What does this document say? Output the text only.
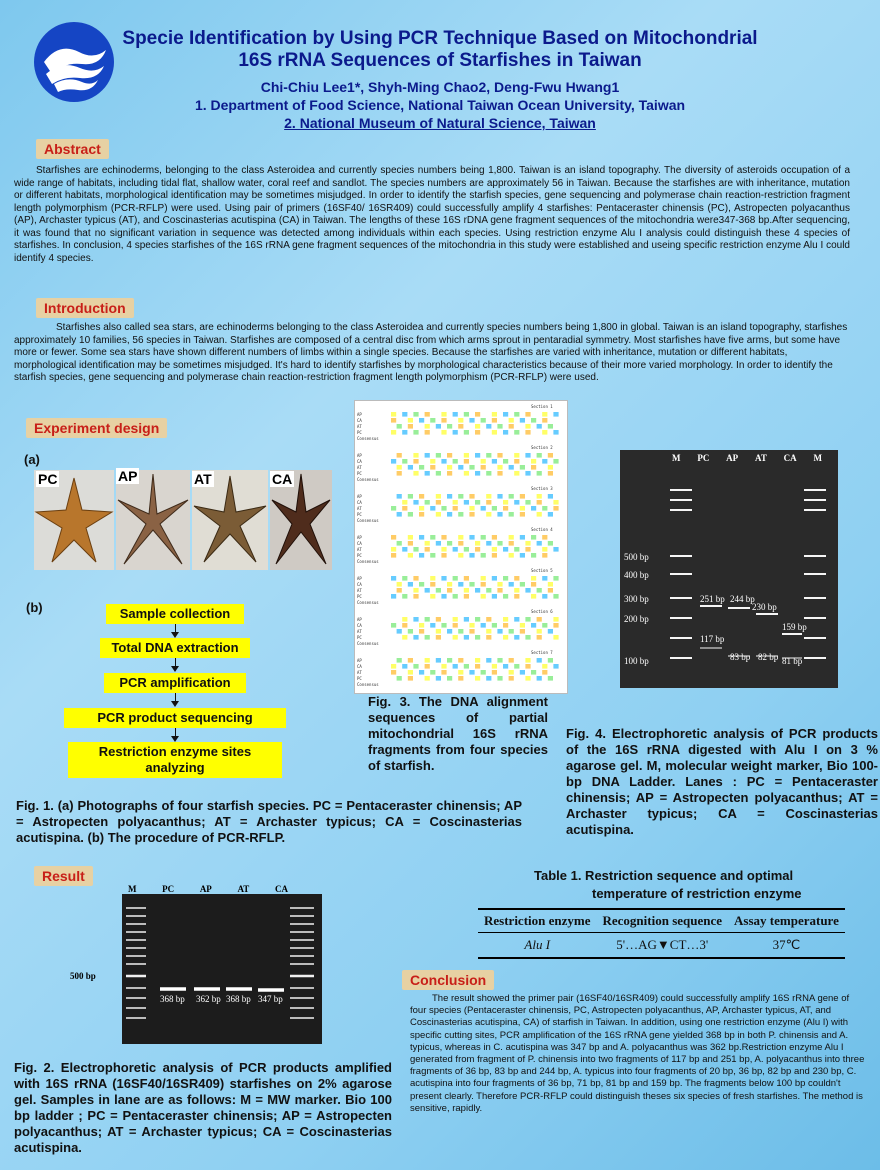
Specie Identification by Using PCR Technique Based on Mitochondrial
16S rRNA Sequences of Starfishes in Taiwan
Chi-Chiu Lee1*, Shyh-Ming Chao2, Deng-Fwu Hwang1
1. Department of Food Science, National Taiwan Ocean University, Taiwan
2. National Museum of Natural Science, Taiwan
Abstract
Starfishes are echinoderms, belonging to the class Asteroidea and currently species numbers being 1,800. Taiwan is an island topography. The diversity of asteroids occupation of a wide range of habitats, including tidal flat, shallow water, coral reef and sandlot. The species numbers are approximately 56 in Taiwan. Because the starfishes are with inheritance, mutation or different habitats, morphological identification may be sometimes misjudged. In order to identify the starfish species, gene sequencing and polymerase chain reaction-restriction fragment length polymorphism (PCR-RFLP) were used. Using pair of primers (16SF40/ 16SR409) could successfully amplify 4 starfishes: Pentaceraster chinensis (PC), Astropecten polyacanthus (AP), Archaster typicus (AT), and Coscinasterias acutispina (CA) in Taiwan. The lengths of these 16S rDNA gene fragment sequences of the mitochondria were347-368 bp.After sequencing, it was found that no significant variation in sequence was detected among individuals within each species. Using restriction enzyme Alu I analysis could distinguish these 4 species of starfishes. In conclusion, 4 species starfishes of the 16S rRNA gene fragment sequences of the mitochondria in this study were established and useing specific restriction enzyme Alu I could identify 4 species.
Introduction
Starfishes also called sea stars, are echinoderms belonging to the class Asteroidea and currently species numbers being 1,800 in global. Taiwan is an island topography, starfishes approximately 10 families, 56 species in Taiwan. Starfishes are composed of a central disc from which arms sprout in pentaradial symmetry. Most starfishes have five arms, but some have more or fewer. Some sea stars have shown different numbers of limbs within a single species. Because the starfishes are varied with inheritance, mutation or different habitats, morphological identification may be sometimes misjudged. It's hard to identify starfishes by morphological characteristics because of their more varied morphology. In order to identify the starfish species, gene sequencing and polymerase chain reaction-restriction fragment length polymorphism (PCR-RFLP) were used.
Experiment design
(a)
PC	AP	AT	CA
(b)	Sample collection
Total DNA extraction
PCR amplification
PCR product sequencing
Restriction enzyme sites analyzing
Fig. 1. (a) Photographs of four starfish species. PC = Pentaceraster chinensis; AP = Astropecten polyacanthus; AT = Archaster typicus; CA = Coscinasterias acutispina. (b) The procedure of PCR-RFLP.
Section 1
AP
CA
AT
PC
Consensus
Section 2
AP
CA
AT
PC
Consensus
Section 3
AP
CA
AT
PC
Consensus
Section 4
AP
CA
AT
PC
Consensus
Section 5
AP
CA
AT
PC
Consensus
Section 6
AP
CA
AT
PC
Consensus
Section 7
AP
CA
AT
PC
Consensus
Fig. 3. The DNA alignment sequences of partial mitochondrial 16S rRNA fragments from four species of starfish.
M PC AP AT CA M
500 bp
400 bp
300 bp
200 bp
100 bp
251 bp 244 bp
230 bp
159 bp
117 bp
83 bp 82 bp 81 bp
Fig. 4. Electrophoretic analysis of PCR products of the 16S rRNA digested with Alu I on 3 % agarose gel. M, molecular weight marker, Bio 100-bp DNA Ladder. Lanes : PC = Pentaceraster chinensis; AP = Astropecten polyacanthus; AT = Archaster typicus; CA = Coscinasterias acutispina.
Result
M	PC	AP	AT	CA
500 bp
368 bp 362 bp 368 bp 347 bp
Fig. 2. Electrophoretic analysis of PCR products amplified with 16S rRNA (16SF40/16SR409) starfishes on 2% agarose gel. Samples in lane are as follows: M = MW marker. Bio 100 bp ladder ; PC = Pentaceraster chinensis; AP = Astropecten polyacanthus; AT = Archaster typicus; CA = Coscinasterias acutispina.
Table 1. Restriction sequence and optimal
temperature of restriction enzyme
Restriction enzyme	Recognition sequence	Assay temperature
Alu I	5'…AG▼CT…3'	37℃
Conclusion
The result showed the primer pair (16SF40/16SR409) could successfully amplify 16S rRNA gene of four species (Pentaceraster chinensis, PC, Astropecten polyacanthus, AP, Archaster typicus, AT, and Coscinasterias acutispina, CA) of starfish in Taiwan. In addition, using one restriction enzyme (Alu I) with specific cutting sites, PCR amplification of the 16S rRNA gene yielded 368 bp in both P. chinensis and A. typicus, whereas in C. acutispina was 347 bp and A. polyacanthus was 362 bp.Restriction enzyme Alu I generated from fragment of P. chinensis into two fragments of 117 bp and 251 bp, A. polyacanthus into three fragments of 36 bp, 83 bp and 244 bp, A. typicus into four fragments of 20 bp, 36 bp, 82 bp and 230 bp, C. acutispina into four fragments of 36 bp, 71 bp, 81 bp and 159 bp. The fragments below 100 bp couldn't present clearly. Therefore PCR-RFLP could distinguish theses six species of fresh starfishes. The method is sensitive, rapidly.
